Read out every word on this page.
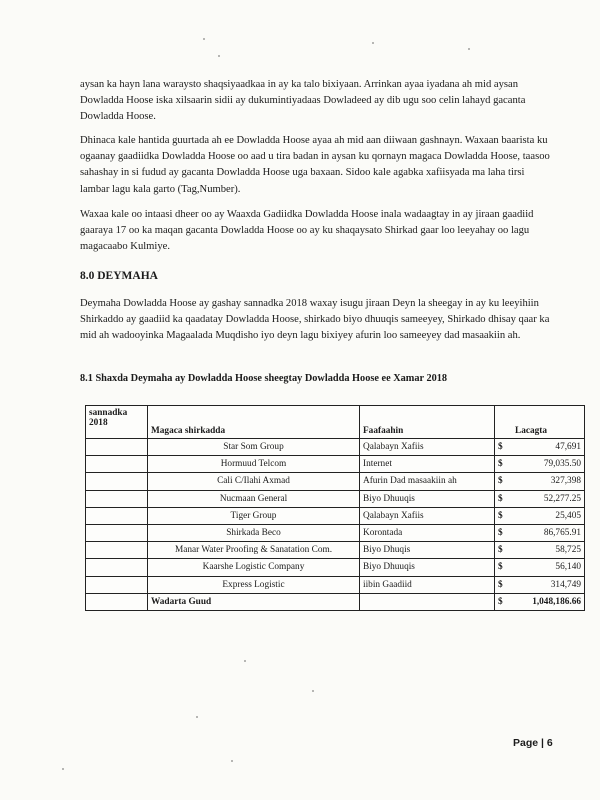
aysan ka hayn lana waraysto shaqsiyaadkaa in ay ka talo bixiyaan. Arrinkan ayaa iyadana ah mid aysan Dowladda Hoose iska xilsaarin sidii ay dukumintiyadaas Dowladeed ay dib ugu soo celin lahayd gacanta Dowladda Hoose.

Dhinaca kale hantida guurtada ah ee Dowladda Hoose ayaa ah mid aan diiwaan gashnayn. Waxaan baarista ku ogaanay gaadiidka Dowladda Hoose oo aad u tira badan in aysan ku qornayn magaca Dowladda Hoose, taasoo sahashay in si fudud ay gacanta Dowladda Hoose uga baxaan. Sidoo kale agabka xafiisyada ma laha tirsi lambar lagu kala garto (Tag,Number).

Waxaa kale oo intaasi dheer oo ay Waaxda Gadiidka Dowladda Hoose inala wadaagtay in ay jiraan gaadiid gaaraya 17 oo ka maqan gacanta Dowladda Hoose oo ay ku shaqaysato Shirkad gaar loo leeyahay oo lagu magacaabo Kulmiye.

8.0 DEYMAHA

Deymaha Dowladda Hoose ay gashay sannadka 2018 waxay isugu jiraan Deyn la sheegay in ay ku leeyihiin Shirkaddo ay gaadiid ka qaadatay Dowladda Hoose, shirkado biyo dhuuqis sameeyey, Shirkado dhisay qaar ka mid ah wadooyinka Magaalada Muqdisho iyo deyn lagu bixiyey afurin loo sameeyey dad masaakiin ah.

8.1 Shaxda Deymaha ay Dowladda Hoose sheegtay Dowladda Hoose ee Xamar 2018
sannadka
2018	Magaca shirkadda	Faafaahin		Lacagta
	Star Som Group	Qalabayn Xafiis	$	47,691
	Hormuud Telcom	Internet	$	79,035.50
	Cali C/Ilahi Axmad	Afurin Dad masaakiin ah	$	327,398
	Nucmaan General	Biyo Dhuuqis	$	52,277.25
	Tiger Group	Qalabayn Xafiis	$	25,405
	Shirkada Beco	Korontada	$	86,765.91
	Manar Water Proofing & Sanatation Com.	Biyo Dhuqis	$	58,725
	Kaarshe Logistic Company	Biyo Dhuuqis	$	56,140
	Express Logistic	iibin Gaadiid	$	314,749
	Wadarta Guud		$	1,048,186.66
Page | 6
